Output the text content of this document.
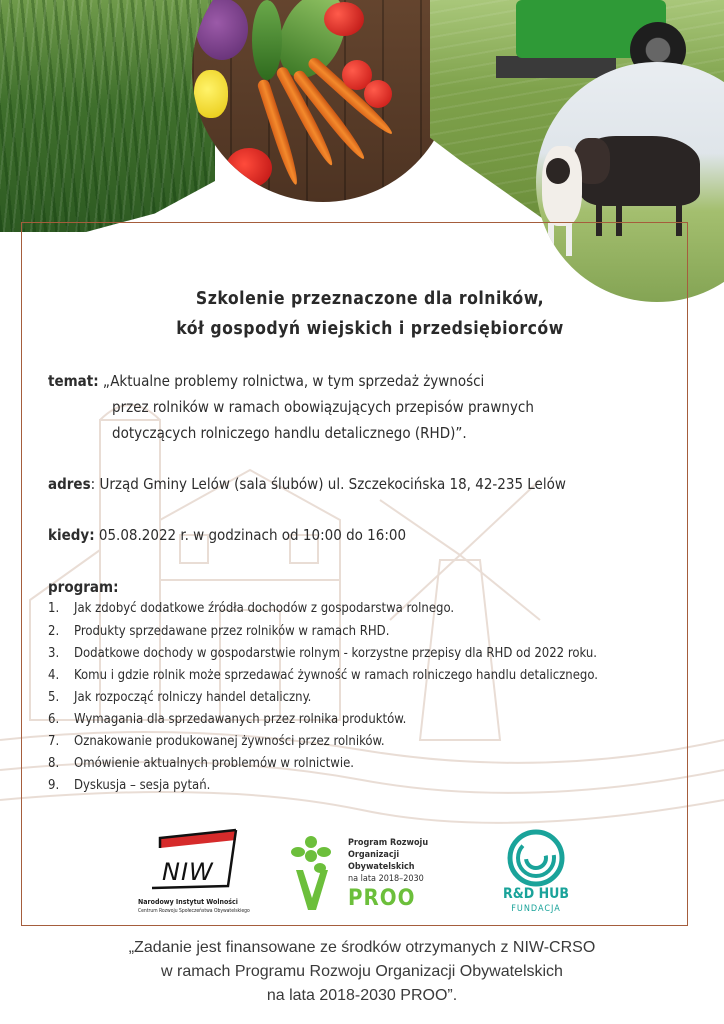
Szkolenie przeznaczone dla rolników,
kół gospodyń wiejskich i przedsiębiorców
temat: „Aktualne problemy rolnictwa, w tym sprzedaż żywności
przez rolników w ramach obowiązujących przepisów prawnych
dotyczących rolniczego handlu detalicznego (RHD)”.
adres: Urząd Gminy Lelów (sala ślubów) ul. Szczekocińska 18, 42-235 Lelów
kiedy: 05.08.2022 r. w godzinach od 10:00 do 16:00
program:
1. Jak zdobyć dodatkowe źródła dochodów z gospodarstwa rolnego.
2. Produkty sprzedawane przez rolników w ramach RHD.
3. Dodatkowe dochody w gospodarstwie rolnym - korzystne przepisy dla RHD od 2022 roku.
4. Komu i gdzie rolnik może sprzedawać żywność w ramach rolniczego handlu detalicznego.
5. Jak rozpocząć rolniczy handel detaliczny.
6. Wymagania dla sprzedawanych przez rolnika produktów.
7. Oznakowanie produkowanej żywności przez rolników.
8. Omówienie aktualnych problemów w rolnictwie.
9. Dyskusja – sesja pytań.
NIW
Narodowy Instytut Wolności
Centrum Rozwoju Społeczeństwa Obywatelskiego
Program Rozwoju
Organizacji
Obywatelskich
na lata 2018–2030
PROO	R&D HUB
FUNDACJA
„Zadanie jest finansowane ze środków otrzymanych z NIW-CRSO
w ramach Programu Rozwoju Organizacji Obywatelskich
na lata 2018-2030 PROO”.
